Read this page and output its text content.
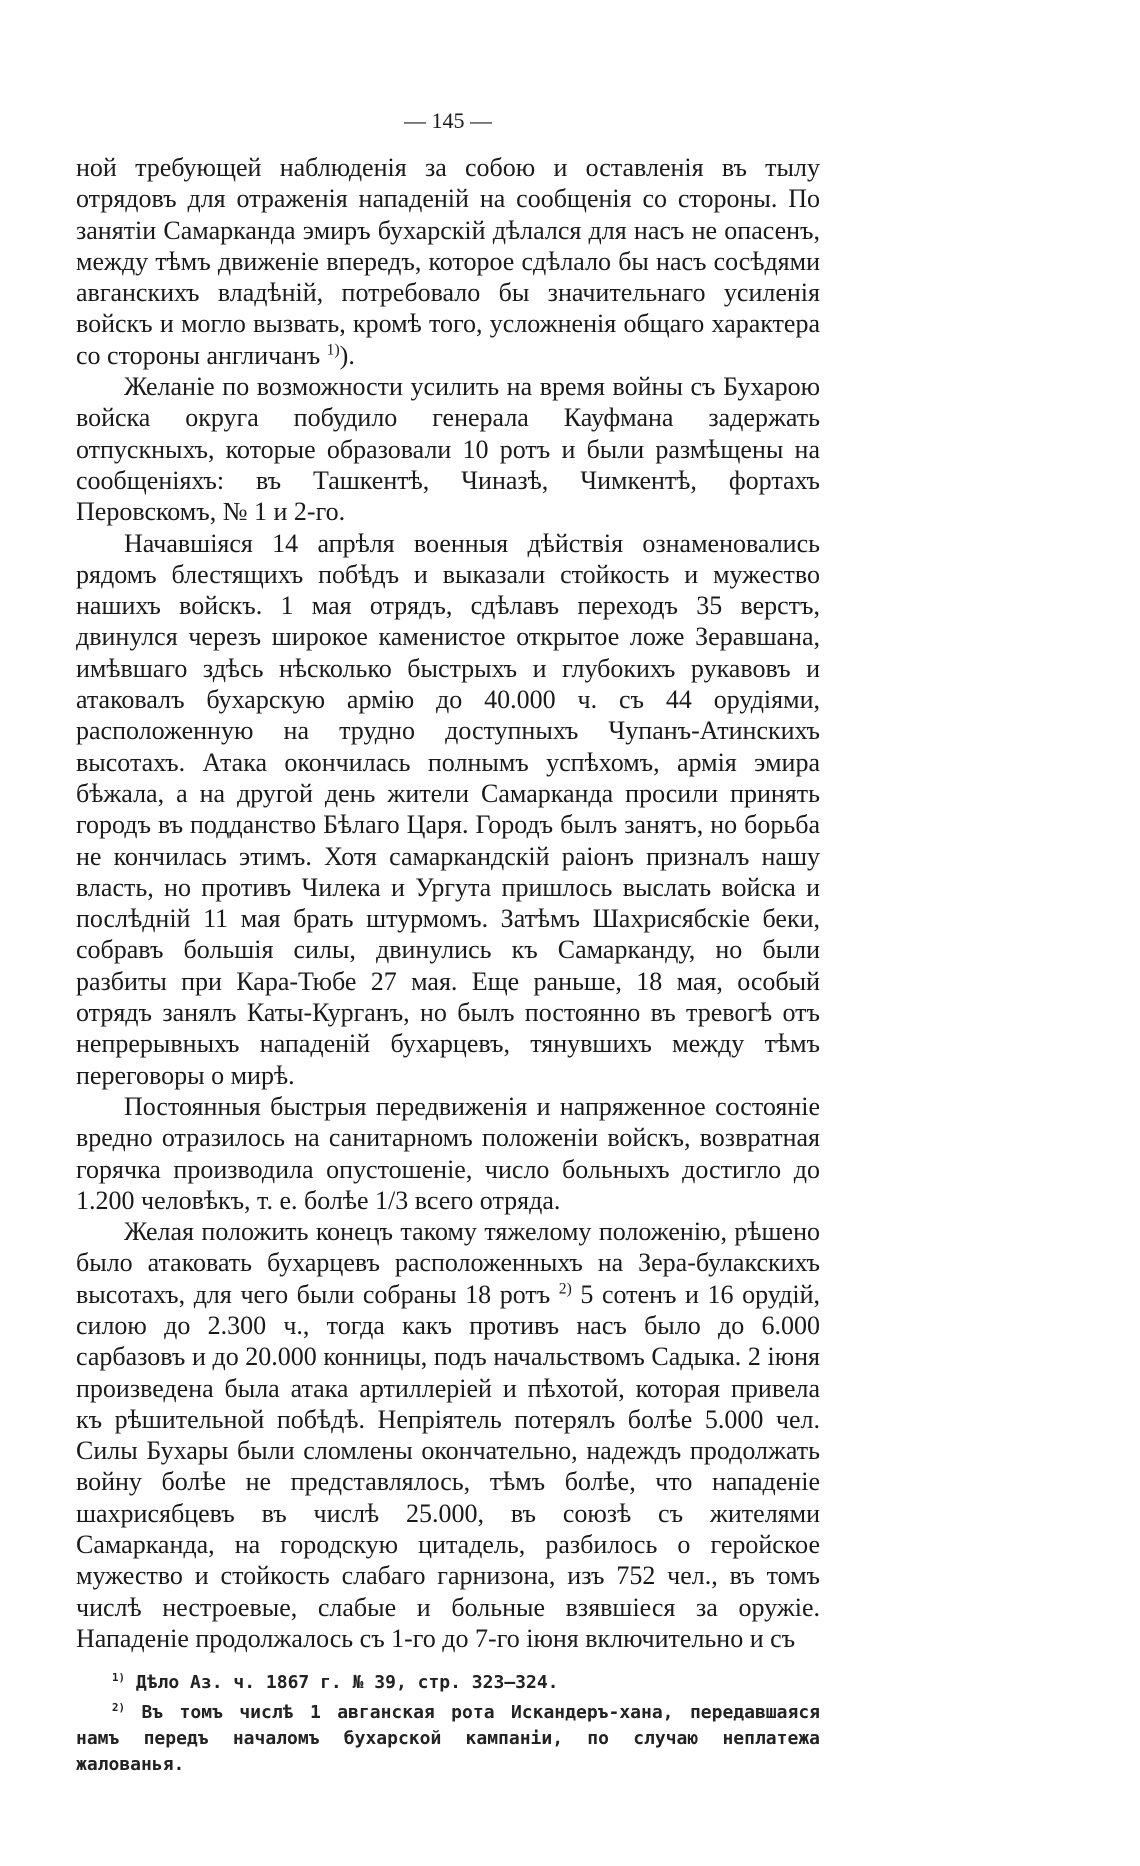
— 145 —

ной требующей наблюденія за собою и оставленія въ тылу отрядовъ для отраженія нападеній на сообщенія со стороны. По занятіи Самарканда эмиръ бухарскій дѣлался для насъ не опасенъ, между тѣмъ движеніе впередъ, которое сдѣлало бы насъ сосѣдями авганскихъ владѣній, потребовало бы значительнаго усиленія войскъ и могло вызвать, кромѣ того, усложненія общаго характера со стороны англичанъ $^{1)}$).

Желаніе по возможности усилить на время войны съ Бухарою войска округа побудило генерала Кауфмана задержать отпускныхъ, которые образовали 10 ротъ и были размѣщены на сообщеніяхъ: въ Ташкентѣ, Чиназѣ, Чимкентѣ, фортахъ Перовскомъ, № 1 и 2-го.

Начавшіяся 14 апрѣля военныя дѣйствія ознаменовались рядомъ блестящихъ побѣдъ и выказали стойкость и мужество нашихъ войскъ. 1 мая отрядъ, сдѣлавъ переходъ 35 верстъ, двинулся черезъ широкое каменистое открытое ложе Зеравшана, имѣвшаго здѣсь нѣсколько быстрыхъ и глубокихъ рукавовъ и атаковалъ бухарскую армію до 40.000 ч. съ 44 орудіями, расположенную на трудно доступныхъ Чупанъ-Атинскихъ высотахъ. Атака окончилась полнымъ успѣхомъ, армія эмира бѣжала, а на другой день жители Самарканда просили принять городъ въ подданство Бѣлаго Царя. Городъ былъ занятъ, но борьба не кончилась этимъ. Хотя самаркандскій раіонъ призналъ нашу власть, но противъ Чилека и Ургута пришлось выслать войска и послѣдній 11 мая брать штурмомъ. Затѣмъ Шахрисябскіе беки, собравъ большія силы, двинулись къ Самарканду, но были разбиты при Кара-Тюбе 27 мая. Еще раньше, 18 мая, особый отрядъ занялъ Каты-Курганъ, но былъ постоянно въ тревогѣ отъ непрерывныхъ нападеній бухарцевъ, тянувшихъ между тѣмъ переговоры о мирѣ.

Постоянныя быстрыя передвиженія и напряженное состояніе вредно отразилось на санитарномъ положеніи войскъ, возвратная горячка производила опустошеніе, число больныхъ достигло до 1.200 человѣкъ, т. е. болѣе 1/3 всего отряда.

Желая положить конецъ такому тяжелому положенію, рѣшено было атаковать бухарцевъ расположенныхъ на Зера-булакскихъ высотахъ, для чего были собраны 18 ротъ $^{2)}$ 5 сотенъ и 16 орудій, силою до 2.300 ч., тогда какъ противъ насъ было до 6.000 сарбазовъ и до 20.000 конницы, подъ начальствомъ Садыка. 2 іюня произведена была атака артиллеріей и пѣхотой, которая привела къ рѣшительной побѣдѣ. Непріятель потерялъ болѣе 5.000 чел. Силы Бухары были сломлены окончательно, надеждъ продолжать войну болѣе не представлялось, тѣмъ болѣе, что нападеніе шахрисябцевъ въ числѣ 25.000, въ союзѣ съ жителями Самарканда, на городскую цитадель, разбилось о геройское мужество и стойкость слабаго гарнизона, изъ 752 чел., въ томъ числѣ нестроевые, слабые и больные взявшіеся за оружіе. Нападеніе продолжалось съ 1-го до 7-го іюня включительно и съ

$^{1)}$ Дѣло Аз. ч. 1867 г. № 39, стр. 323—324.

$^{2)}$ Въ томъ числѣ 1 авганская рота Искандеръ-хана, передавшаяся намъ передъ началомъ бухарской кампаніи, по случаю неплатежа жалованья.
